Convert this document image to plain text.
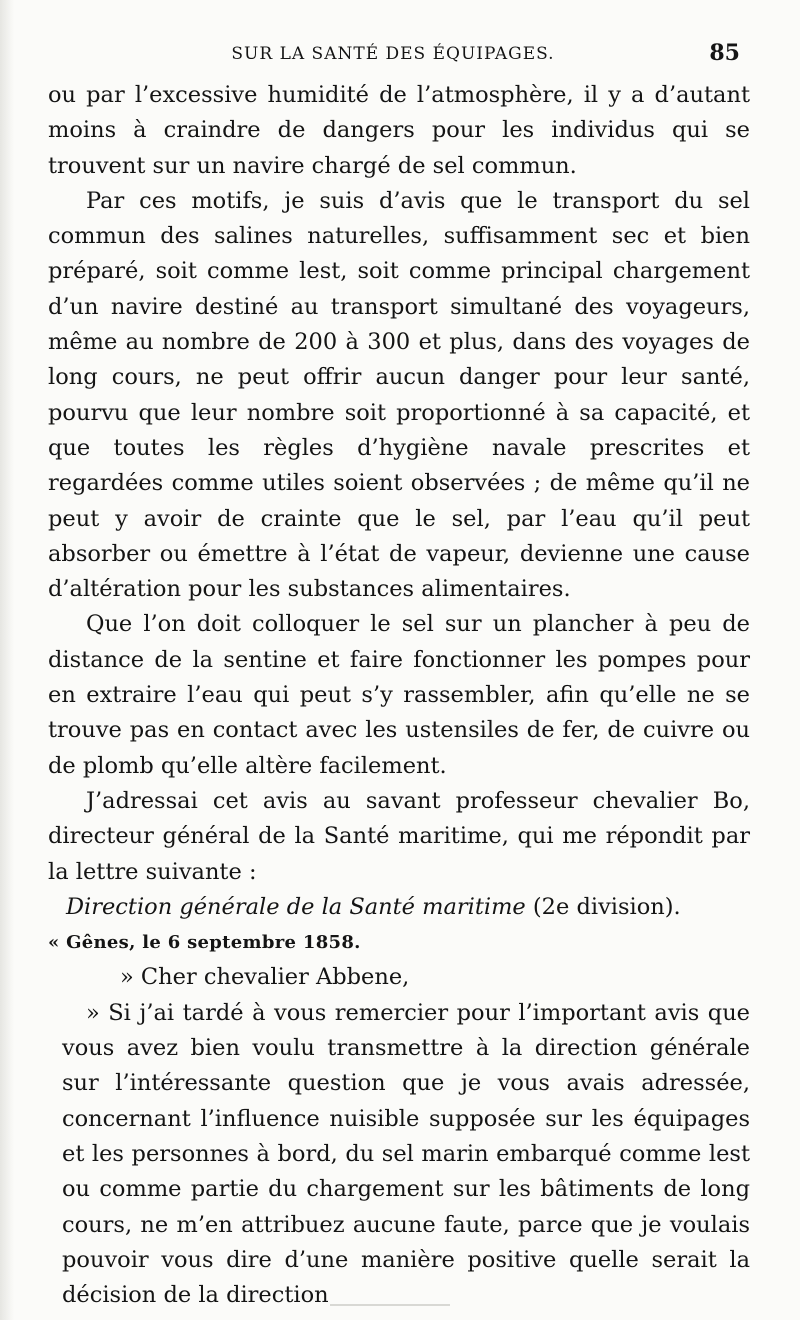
SUR LA SANTÉ DES ÉQUIPAGES.	85

ou par l’excessive humidité de l’atmosphère, il y a d’autant moins à craindre de dangers pour les individus qui se trouvent sur un navire chargé de sel commun.

Par ces motifs, je suis d’avis que le transport du sel commun des salines naturelles, suffisamment sec et bien préparé, soit comme lest, soit comme principal chargement d’un navire destiné au transport simultané des voyageurs, même au nombre de 200 à 300 et plus, dans des voyages de long cours, ne peut offrir aucun danger pour leur santé, pourvu que leur nombre soit proportionné à sa capacité, et que toutes les règles d’hygiène navale prescrites et regardées comme utiles soient observées ; de même qu’il ne peut y avoir de crainte que le sel, par l’eau qu’il peut absorber ou émettre à l’état de vapeur, devienne une cause d’altération pour les substances alimentaires.

Que l’on doit colloquer le sel sur un plancher à peu de distance de la sentine et faire fonctionner les pompes pour en extraire l’eau qui peut s’y rassembler, afin qu’elle ne se trouve pas en contact avec les ustensiles de fer, de cuivre ou de plomb qu’elle altère facilement.

J’adressai cet avis au savant professeur chevalier Bo, directeur général de la Santé maritime, qui me répondit par la lettre suivante :

Direction générale de la Santé maritime (2e division).

« Gênes, le 6 septembre 1858.

» Cher chevalier Abbene,

» Si j’ai tardé à vous remercier pour l’important avis que vous avez bien voulu transmettre à la direction générale sur l’intéressante question que je vous avais adressée, concernant l’influence nuisible supposée sur les équipages et les personnes à bord, du sel marin embarqué comme lest ou comme partie du chargement sur les bâtiments de long cours, ne m’en attribuez aucune faute, parce que je voulais pouvoir vous dire d’une manière positive quelle serait la décision de la direction
